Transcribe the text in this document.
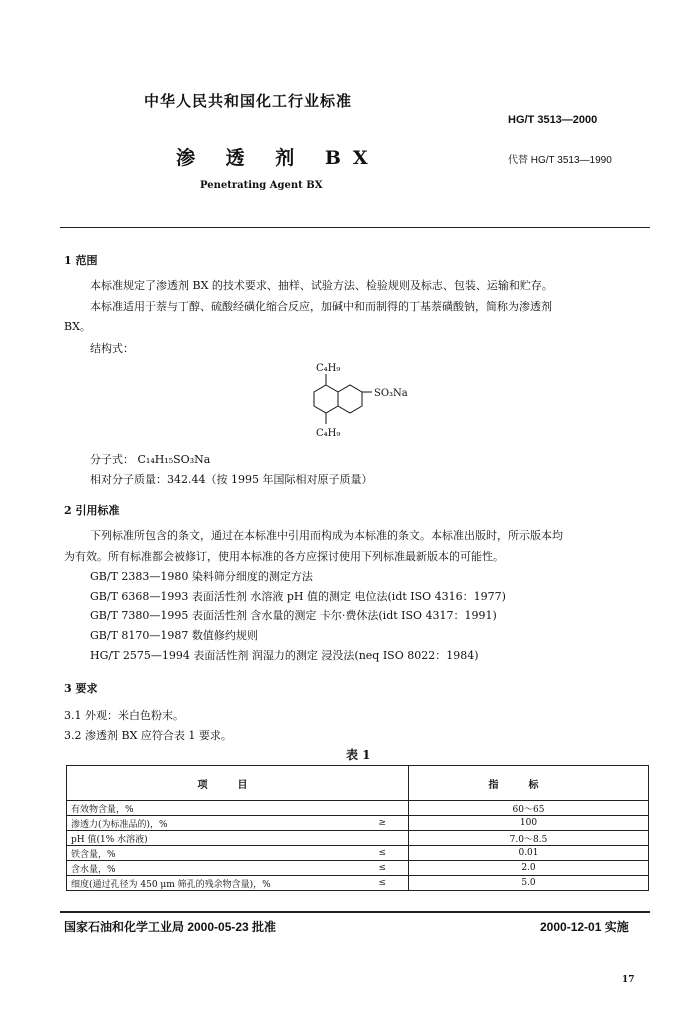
中华人民共和国化工行业标准
HG/T 3513—2000
渗 透 剂 BX	代替 HG/T 3513—1990
Penetrating Agent BX
1 范围
本标准规定了渗透剂 BX 的技术要求、抽样、试验方法、检验规则及标志、包装、运输和贮存。
本标准适用于萘与丁醇、硫酸经磺化缩合反应，加碱中和而制得的丁基萘磺酸钠，简称为渗透剂
BX。
结构式：
C₄H₉
SO₃Na
C₄H₉
分子式： C₁₄H₁₅SO₃Na
相对分子质量：342.44（按 1995 年国际相对原子质量）
2 引用标准
下列标准所包含的条文，通过在本标准中引用而构成为本标准的条文。本标准出版时，所示版本均
为有效。所有标准都会被修订，使用本标准的各方应探讨使用下列标准最新版本的可能性。
GB/T 2383—1980 染料筛分细度的测定方法
GB/T 6368—1993 表面活性剂 水溶液 pH 值的测定 电位法(idt ISO 4316：1977)
GB/T 7380—1995 表面活性剂 含水量的测定 卡尔·费休法(idt ISO 4317：1991)
GB/T 8170—1987 数值修约规则
HG/T 2575—1994 表面活性剂 润湿力的测定 浸没法(neq ISO 8022：1984)
3 要求
3.1 外观：米白色粉末。
3.2 渗透剂 BX 应符合表 1 要求。
表 1
项目		指标
有效物含量，%		60～65
渗透力(为标准品的)，%	≥	100
pH 值(1% 水溶液)		7.0～8.5
铁含量，%	≤	0.01
含水量，%	≤	2.0
细度(通过孔径为 450 μm 筛孔的残余物含量)，%	≤	5.0
国家石油和化学工业局 2000-05-23 批准	2000-12-01 实施
17
